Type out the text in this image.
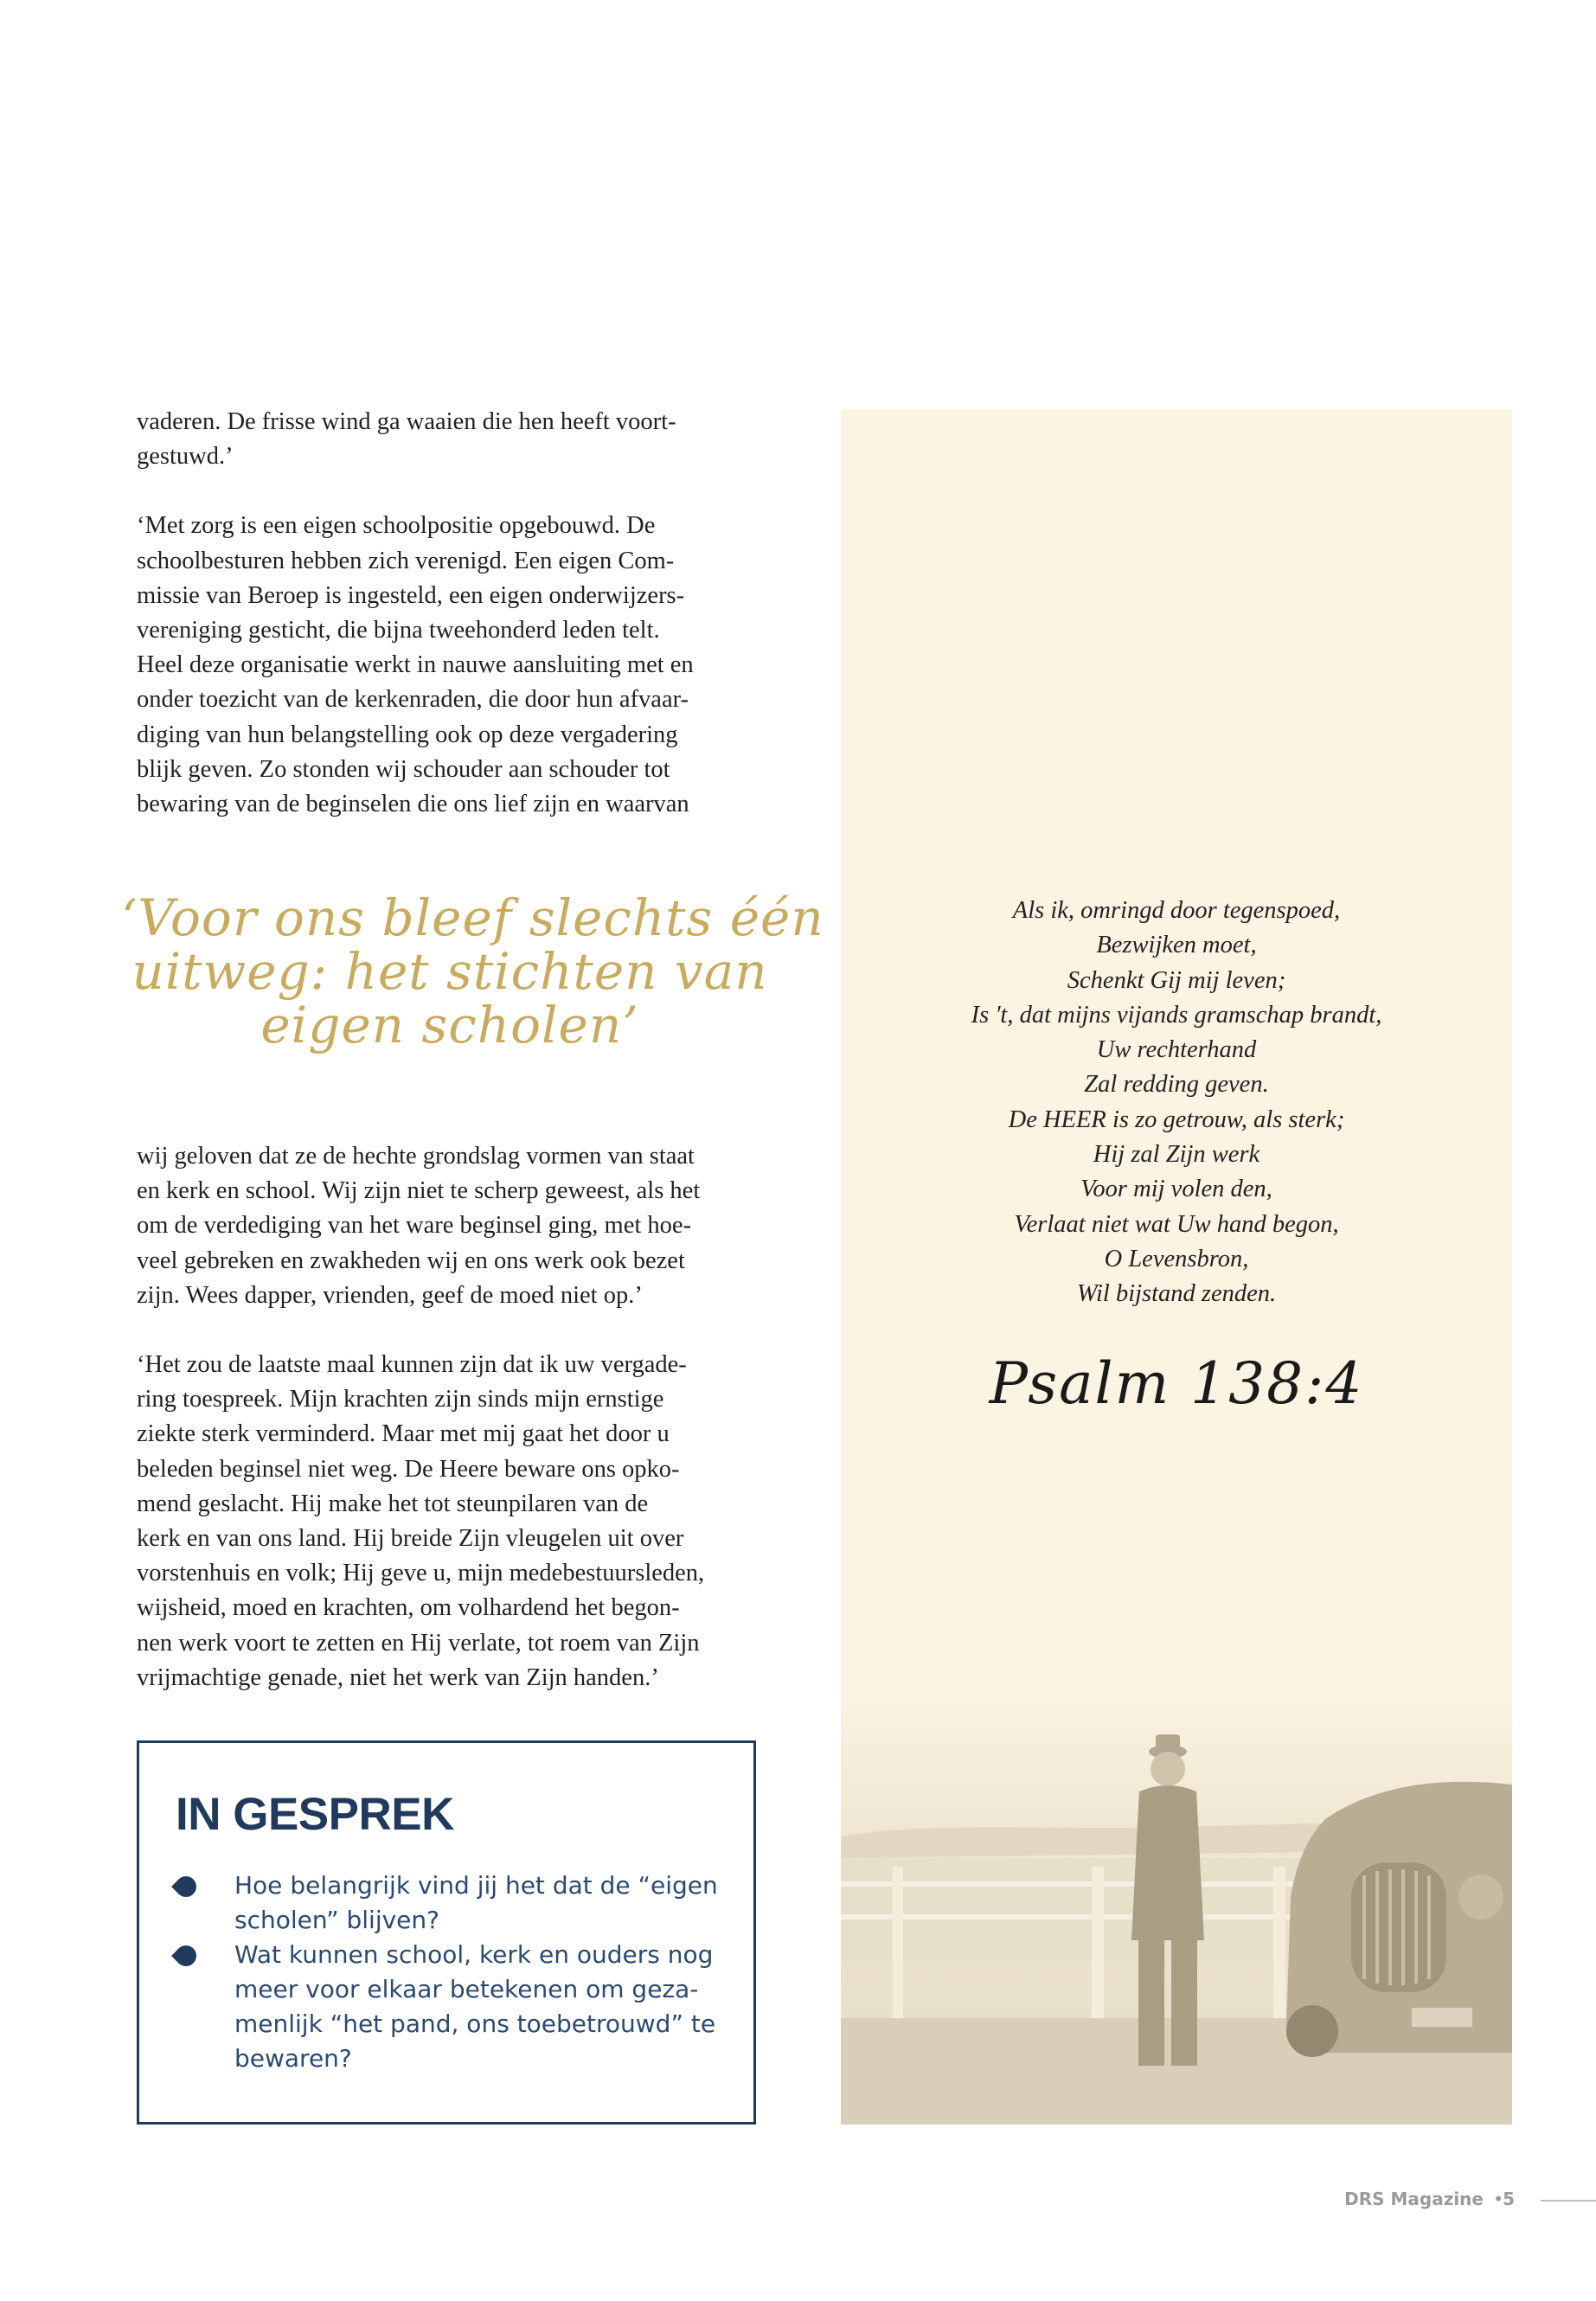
vaderen. De frisse wind ga waaien die hen heeft voort-
gestuwd.’

‘Met zorg is een eigen schoolpositie opgebouwd. De
schoolbesturen hebben zich verenigd. Een eigen Com-
missie van Beroep is ingesteld, een eigen onderwijzers-
vereniging gesticht, die bijna tweehonderd leden telt.
Heel deze organisatie werkt in nauwe aansluiting met en
onder toezicht van de kerkenraden, die door hun afvaar-
diging van hun belangstelling ook op deze vergadering
blijk geven. Zo stonden wij schouder aan schouder tot
bewaring van de beginselen die ons lief zijn en waarvan

‘Voor ons bleef slechts één
uitweg: het stichten van
eigen scholen’

wij geloven dat ze de hechte grondslag vormen van staat
en kerk en school. Wij zijn niet te scherp geweest, als het
om de verdediging van het ware beginsel ging, met hoe-
veel gebreken en zwakheden wij en ons werk ook bezet
zijn. Wees dapper, vrienden, geef de moed niet op.’

‘Het zou de laatste maal kunnen zijn dat ik uw vergade-
ring toespreek. Mijn krachten zijn sinds mijn ernstige
ziekte sterk verminderd. Maar met mij gaat het door u
beleden beginsel niet weg. De Heere beware ons opko-
mend geslacht. Hij make het tot steunpilaren van de
kerk en van ons land. Hij breide Zijn vleugelen uit over
vorstenhuis en volk; Hij geve u, mijn medebestuursleden,
wijsheid, moed en krachten, om volhardend het begon-
nen werk voort te zetten en Hij verlate, tot roem van Zijn
vrijmachtige genade, niet het werk van Zijn handen.’

IN GESPREK
Hoe belangrijk vind jij het dat de “eigen
scholen” blijven?
Wat kunnen school, kerk en ouders nog
meer voor elkaar betekenen om geza-
menlijk “het pand, ons toebetrouwd” te
bewaren?
Als ik, omringd door tegenspoed,
Bezwijken moet,
Schenkt Gij mij leven;
Is 't, dat mijns vijands gramschap brandt,
Uw rechterhand
Zal redding geven.
De HEER is zo getrouw, als sterk;
Hij zal Zijn werk
Voor mij volen den,
Verlaat niet wat Uw hand begon,
O Levensbron,
Wil bijstand zenden.
Psalm 138:4
DRS Magazine • 5
